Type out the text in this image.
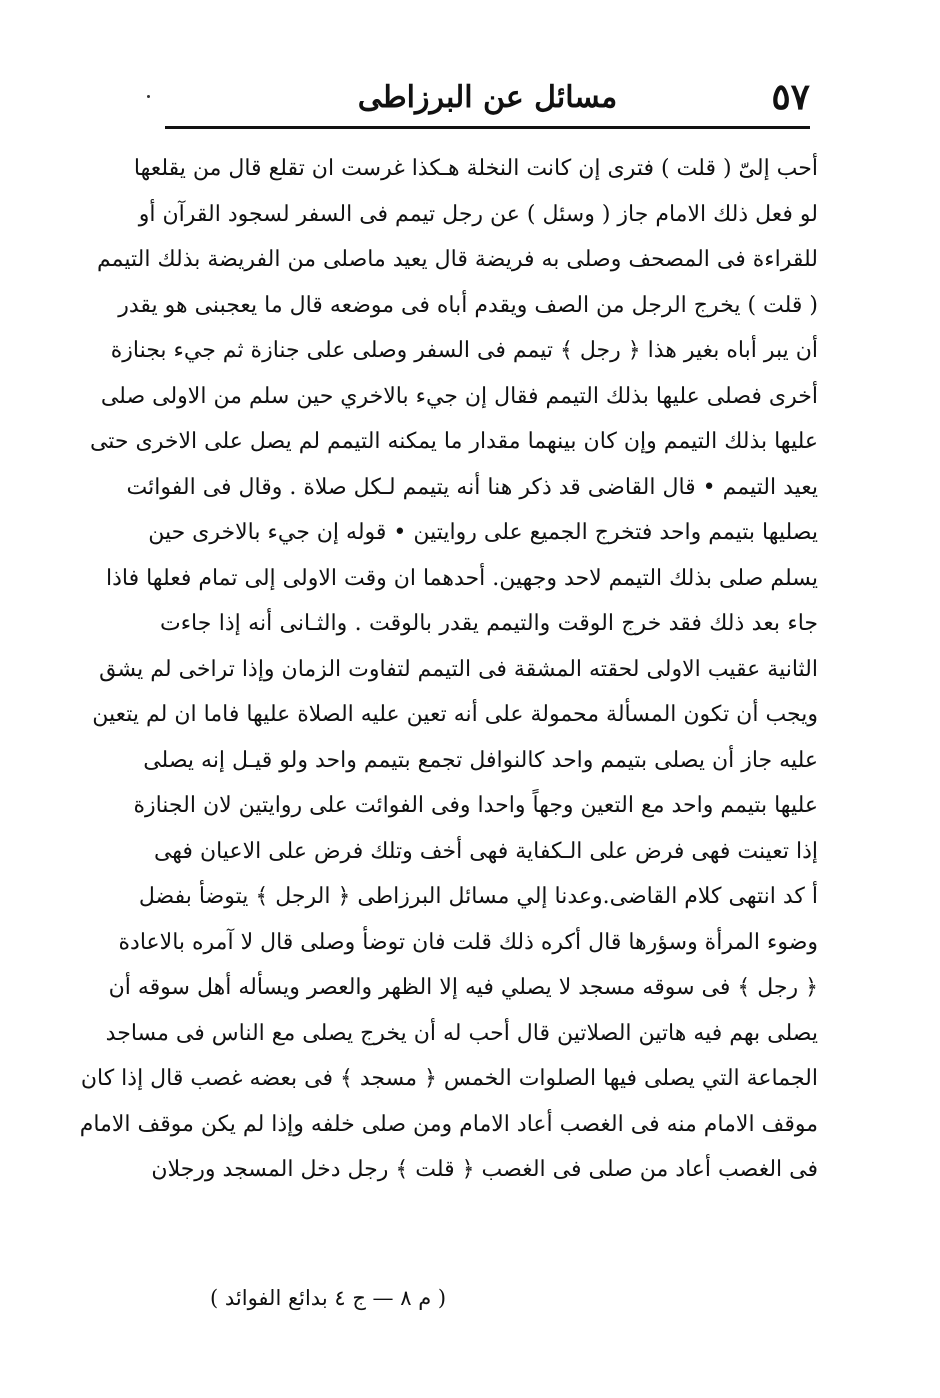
٥٧
مسائل عن البرزاطى
أحب إلىّ ( قلت ) فترى إن كانت النخلة هـكذا غرست ان تقلع قال من يقلعها
لو فعل ذلك الامام جاز ( وسئل ) عن رجل تيمم فى السفر لسجود القرآن أو
للقراءة فى المصحف وصلى به فريضة قال يعيد ماصلى من الفريضة بذلك التيمم
( قلت ) يخرج الرجل من الصف ويقدم أباه فى موضعه قال ما يعجبنى هو يقدر
أن يبر أباه بغير هذا ﴿ رجل ﴾ تيمم فى السفر وصلى على جنازة ثم جيء بجنازة
أخرى فصلى عليها بذلك التيمم فقال إن جيء بالاخري حين سلم من الاولى صلى
عليها بذلك التيمم وإن كان بينهما مقدار ما يمكنه التيمم لم يصل على الاخرى حتى
يعيد التيمم • قال القاضى قد ذكر هنا أنه يتيمم لـكل صلاة . وقال فى الفوائت
يصليها بتيمم واحد فتخرج الجميع على روايتين • قوله إن جيء بالاخرى حين
يسلم صلى بذلك التيمم لاحد وجهين. أحدهما ان وقت الاولى إلى تمام فعلها فاذا
جاء بعد ذلك فقد خرج الوقت والتيمم يقدر بالوقت . والثـانى أنه إذا جاءت
الثانية عقيب الاولى لحقته المشقة فى التيمم لتفاوت الزمان وإذا تراخى لم يشق
ويجب أن تكون المسألة محمولة على أنه تعين عليه الصلاة عليها فاما ان لم يتعين
عليه جاز أن يصلى بتيمم واحد كالنوافل تجمع بتيمم واحد ولو قيـل إنه يصلى
عليها بتيمم واحد مع التعين وجهاً واحدا وفى الفوائت على روايتين لان الجنازة
إذا تعينت فهى فرض على الـكفاية فهى أخف وتلك فرض على الاعيان فهى
أ كد انتهى كلام القاضى.وعدنا إلي مسائل البرزاطى ﴿ الرجل ﴾ يتوضأ بفضل
وضوء المرأة وسؤرها قال أكره ذلك قلت فان توضأ وصلى قال لا آمره بالاعادة
﴿ رجل ﴾ فى سوقه مسجد لا يصلي فيه إلا الظهر والعصر ويسأله أهل سوقه أن
يصلى بهم فيه هاتين الصلاتين قال أحب له أن يخرج يصلى مع الناس فى مساجد
الجماعة التي يصلى فيها الصلوات الخمس ﴿ مسجد ﴾ فى بعضه غصب قال إذا كان
موقف الامام منه فى الغصب أعاد الامام ومن صلى خلفه وإذا لم يكن موقف الامام
فى الغصب أعاد من صلى فى الغصب ﴿ قلت ﴾ رجل دخل المسجد ورجلان
( م ٨ — ج ٤ بدائع الفوائد )
